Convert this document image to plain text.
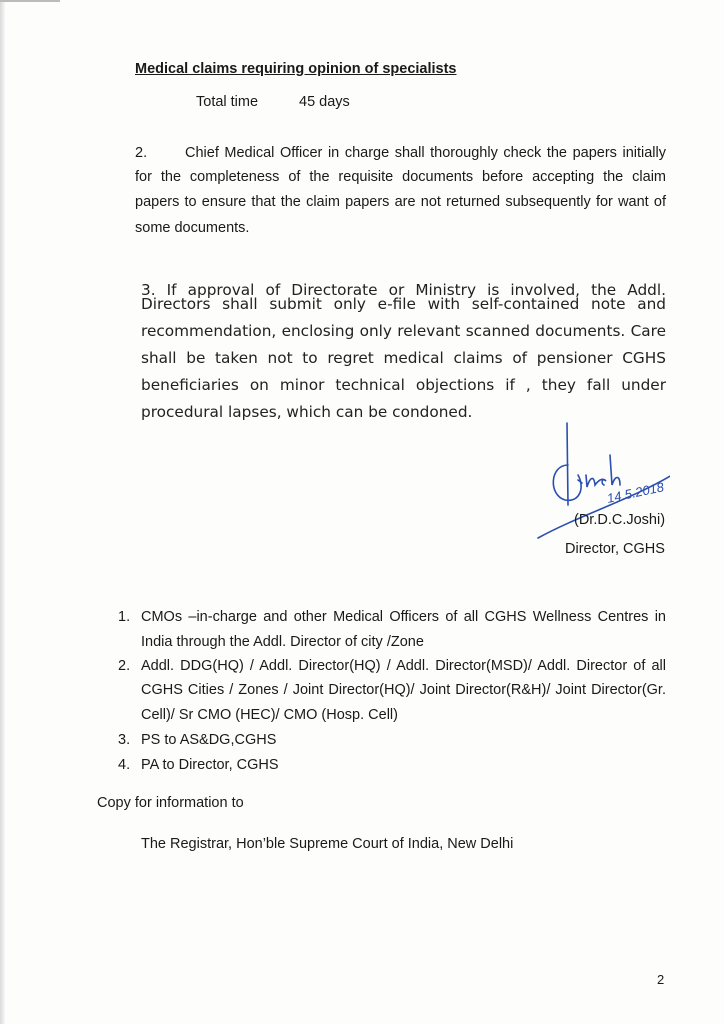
Medical claims requiring opinion of specialists
Total time	45 days
2.	Chief Medical Officer in charge shall thoroughly check the papers initially
for the completeness of the requisite documents before accepting the claim
papers to ensure that the claim papers are not returned subsequently for want of
some documents.
3. If approval of Directorate or Ministry is involved, the Addl.
Directors shall submit only e-file with self-contained note and
recommendation, enclosing only relevant scanned documents. Care
shall be taken not to regret medical claims of pensioner CGHS
beneficiaries on minor technical objections if , they fall under
procedural lapses, which can be condoned.
14.5.2018
(Dr.D.C.Joshi)
Director, CGHS
1. CMOs –in-charge and other Medical Officers of all CGHS Wellness Centres in
India through the Addl. Director of city /Zone
2. Addl. DDG(HQ) / Addl. Director(HQ) / Addl. Director(MSD)/ Addl. Director of all
CGHS Cities / Zones / Joint Director(HQ)/ Joint Director(R&H)/ Joint Director(Gr.
Cell)/ Sr CMO (HEC)/ CMO (Hosp. Cell)
3. PS to AS&DG,CGHS
4. PA to Director, CGHS
Copy for information to
The Registrar, Hon’ble Supreme Court of India, New Delhi
2
